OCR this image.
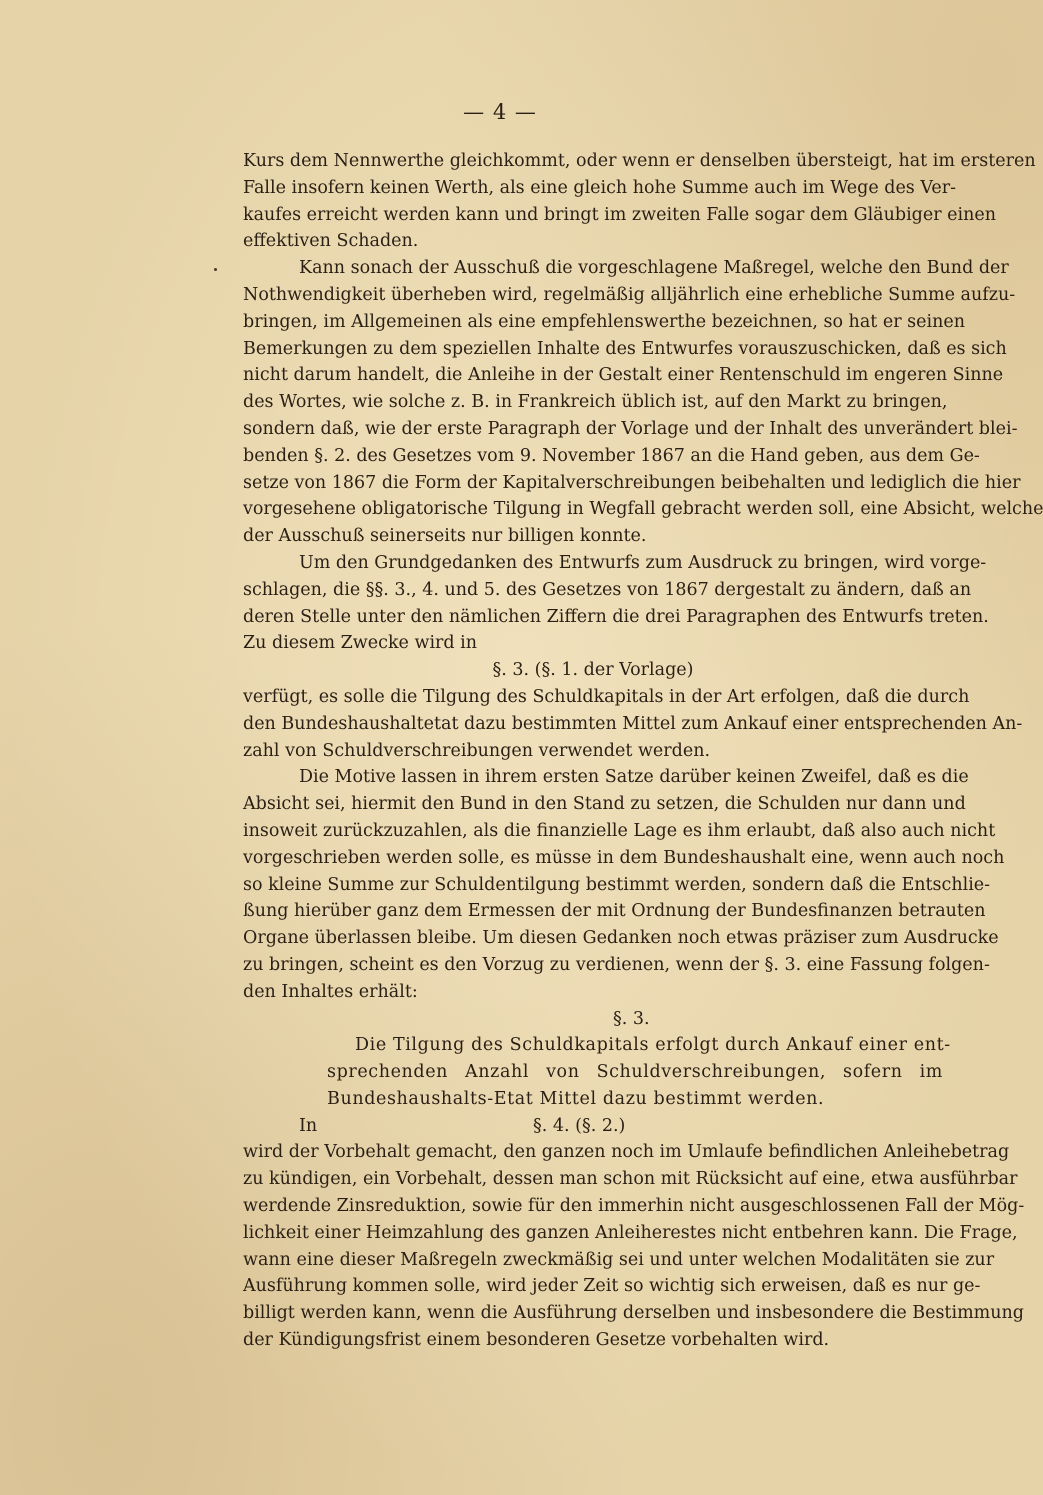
— 4 —
Kurs dem Nennwerthe gleichkommt, oder wenn er denselben übersteigt, hat im ersteren
Falle insofern keinen Werth, als eine gleich hohe Summe auch im Wege des Ver-
kaufes erreicht werden kann und bringt im zweiten Falle sogar dem Gläubiger einen
effektiven Schaden.
Kann sonach der Ausschuß die vorgeschlagene Maßregel, welche den Bund der
Nothwendigkeit überheben wird, regelmäßig alljährlich eine erhebliche Summe aufzu-
bringen, im Allgemeinen als eine empfehlenswerthe bezeichnen, so hat er seinen
Bemerkungen zu dem speziellen Inhalte des Entwurfes vorauszuschicken, daß es sich
nicht darum handelt, die Anleihe in der Gestalt einer Rentenschuld im engeren Sinne
des Wortes, wie solche z. B. in Frankreich üblich ist, auf den Markt zu bringen,
sondern daß, wie der erste Paragraph der Vorlage und der Inhalt des unverändert blei-
benden §. 2. des Gesetzes vom 9. November 1867 an die Hand geben, aus dem Ge-
setze von 1867 die Form der Kapitalverschreibungen beibehalten und lediglich die hier
vorgesehene obligatorische Tilgung in Wegfall gebracht werden soll, eine Absicht, welche
der Ausschuß seinerseits nur billigen konnte.
Um den Grundgedanken des Entwurfs zum Ausdruck zu bringen, wird vorge-
schlagen, die §§. 3., 4. und 5. des Gesetzes von 1867 dergestalt zu ändern, daß an
deren Stelle unter den nämlichen Ziffern die drei Paragraphen des Entwurfs treten.
Zu diesem Zwecke wird in
§. 3. (§. 1. der Vorlage)
verfügt, es solle die Tilgung des Schuldkapitals in der Art erfolgen, daß die durch
den Bundeshaushaltetat dazu bestimmten Mittel zum Ankauf einer entsprechenden An-
zahl von Schuldverschreibungen verwendet werden.
Die Motive lassen in ihrem ersten Satze darüber keinen Zweifel, daß es die
Absicht sei, hiermit den Bund in den Stand zu setzen, die Schulden nur dann und
insoweit zurückzuzahlen, als die finanzielle Lage es ihm erlaubt, daß also auch nicht
vorgeschrieben werden solle, es müsse in dem Bundeshaushalt eine, wenn auch noch
so kleine Summe zur Schuldentilgung bestimmt werden, sondern daß die Entschlie-
ßung hierüber ganz dem Ermessen der mit Ordnung der Bundesfinanzen betrauten
Organe überlassen bleibe. Um diesen Gedanken noch etwas präziser zum Ausdrucke
zu bringen, scheint es den Vorzug zu verdienen, wenn der §. 3. eine Fassung folgen-
den Inhaltes erhält:
§. 3.
Die Tilgung des Schuldkapitals erfolgt durch Ankauf einer ent-
sprechenden Anzahl von Schuldverschreibungen, sofern im
Bundeshaushalts-Etat Mittel dazu bestimmt werden.
In	§. 4. (§. 2.)
wird der Vorbehalt gemacht, den ganzen noch im Umlaufe befindlichen Anleihebetrag
zu kündigen, ein Vorbehalt, dessen man schon mit Rücksicht auf eine, etwa ausführbar
werdende Zinsreduktion, sowie für den immerhin nicht ausgeschlossenen Fall der Mög-
lichkeit einer Heimzahlung des ganzen Anleiherestes nicht entbehren kann. Die Frage,
wann eine dieser Maßregeln zweckmäßig sei und unter welchen Modalitäten sie zur
Ausführung kommen solle, wird jeder Zeit so wichtig sich erweisen, daß es nur ge-
billigt werden kann, wenn die Ausführung derselben und insbesondere die Bestimmung
der Kündigungsfrist einem besonderen Gesetze vorbehalten wird.
